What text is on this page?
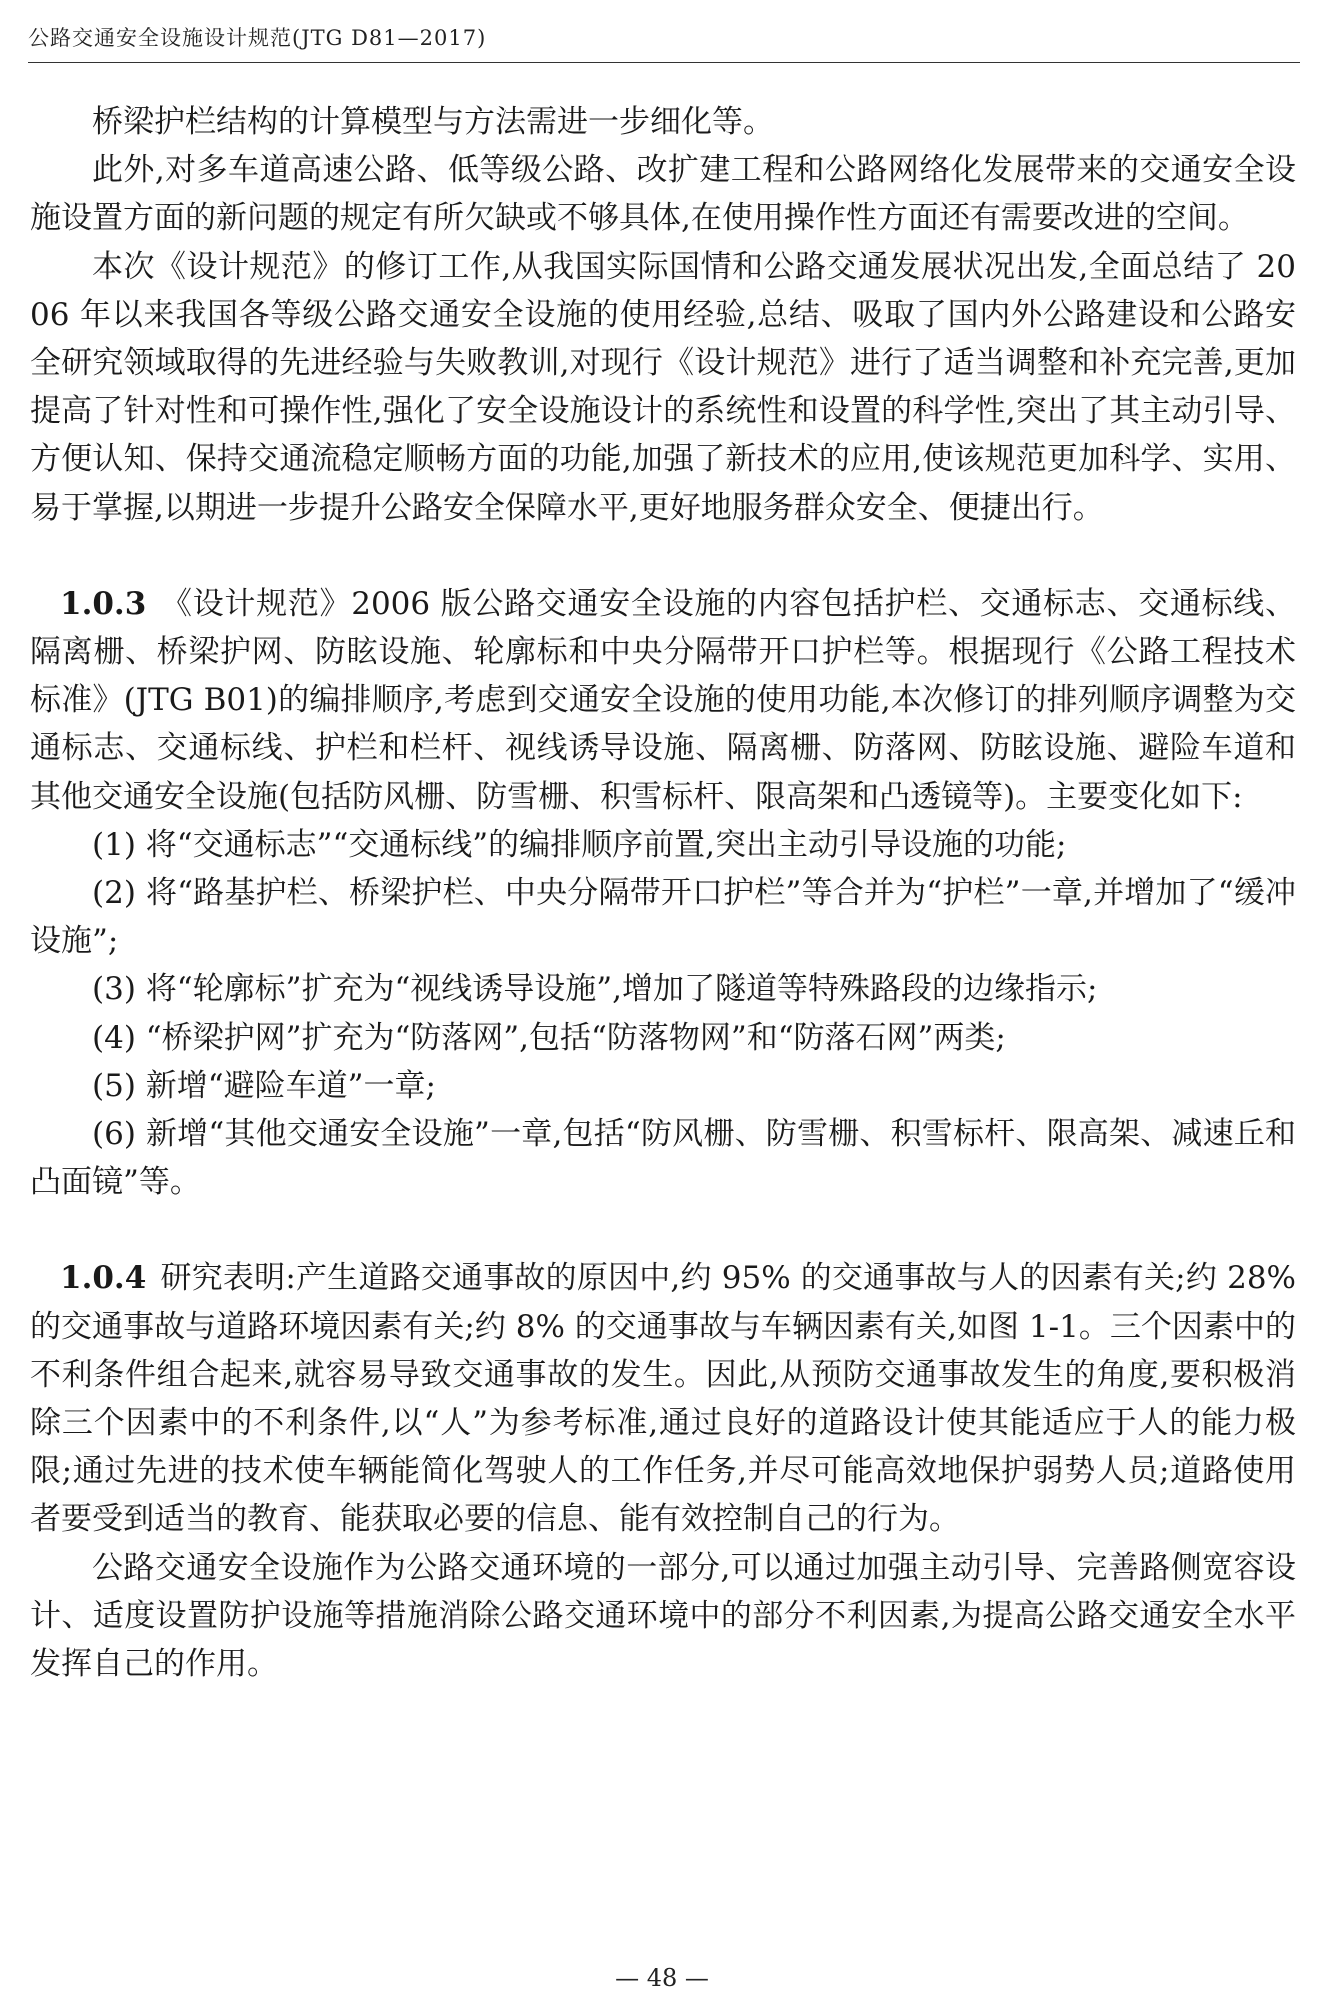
公路交通安全设施设计规范(JTG D81—2017)

桥梁护栏结构的计算模型与方法需进一步细化等。

此外,对多车道高速公路、低等级公路、改扩建工程和公路网络化发展带来的交通安全设施设置方面的新问题的规定有所欠缺或不够具体,在使用操作性方面还有需要改进的空间。

本次《设计规范》的修订工作,从我国实际国情和公路交通发展状况出发,全面总结了 2006 年以来我国各等级公路交通安全设施的使用经验,总结、吸取了国内外公路建设和公路安全研究领域取得的先进经验与失败教训,对现行《设计规范》进行了适当调整和补充完善,更加提高了针对性和可操作性,强化了安全设施设计的系统性和设置的科学性,突出了其主动引导、方便认知、保持交通流稳定顺畅方面的功能,加强了新技术的应用,使该规范更加科学、实用、易于掌握,以期进一步提升公路安全保障水平,更好地服务群众安全、便捷出行。

1.0.3 《设计规范》2006 版公路交通安全设施的内容包括护栏、交通标志、交通标线、隔离栅、桥梁护网、防眩设施、轮廓标和中央分隔带开口护栏等。根据现行《公路工程技术标准》(JTG B01)的编排顺序,考虑到交通安全设施的使用功能,本次修订的排列顺序调整为交通标志、交通标线、护栏和栏杆、视线诱导设施、隔离栅、防落网、防眩设施、避险车道和其他交通安全设施(包括防风栅、防雪栅、积雪标杆、限高架和凸透镜等)。主要变化如下:

(1) 将“交通标志”“交通标线”的编排顺序前置,突出主动引导设施的功能;

(2) 将“路基护栏、桥梁护栏、中央分隔带开口护栏”等合并为“护栏”一章,并增加了“缓冲设施”;

(3) 将“轮廓标”扩充为“视线诱导设施”,增加了隧道等特殊路段的边缘指示;

(4) “桥梁护网”扩充为“防落网”,包括“防落物网”和“防落石网”两类;

(5) 新增“避险车道”一章;

(6) 新增“其他交通安全设施”一章,包括“防风栅、防雪栅、积雪标杆、限高架、减速丘和凸面镜”等。

1.0.4 研究表明:产生道路交通事故的原因中,约 95% 的交通事故与人的因素有关;约 28% 的交通事故与道路环境因素有关;约 8% 的交通事故与车辆因素有关,如图 1-1。三个因素中的不利条件组合起来,就容易导致交通事故的发生。因此,从预防交通事故发生的角度,要积极消除三个因素中的不利条件,以“人”为参考标准,通过良好的道路设计使其能适应于人的能力极限;通过先进的技术使车辆能简化驾驶人的工作任务,并尽可能高效地保护弱势人员;道路使用者要受到适当的教育、能获取必要的信息、能有效控制自己的行为。

公路交通安全设施作为公路交通环境的一部分,可以通过加强主动引导、完善路侧宽容设计、适度设置防护设施等措施消除公路交通环境中的部分不利因素,为提高公路交通安全水平发挥自己的作用。

— 48 —
